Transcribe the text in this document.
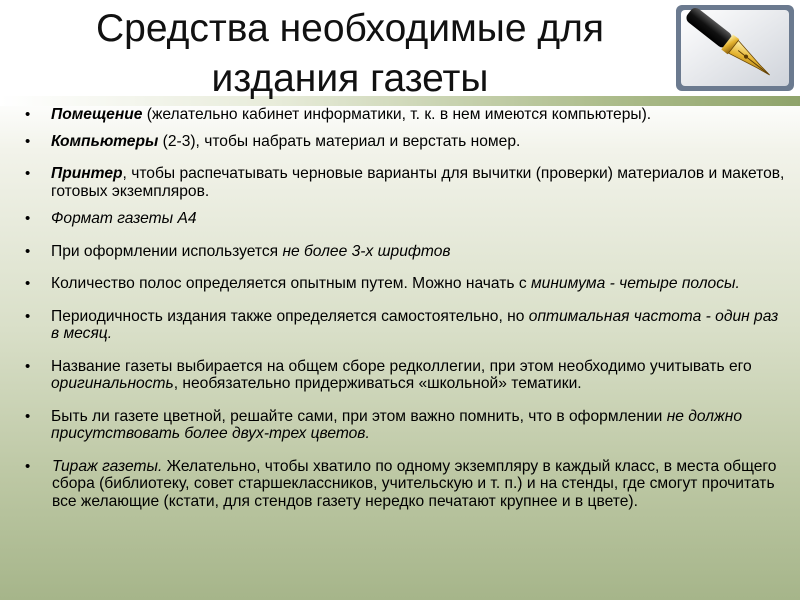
Средства необходимые для
издания газеты
• Помещение (желательно кабинет информатики, т. к. в нем имеются компьютеры).
• Компьютеры (2-3), чтобы набрать материал и верстать номер.
• Принтер, чтобы распечатывать черновые варианты для вычитки (проверки) материалов и макетов, готовых экземпляров.
• Формат газеты А4
• При оформлении используется не более 3-х шрифтов
• Количество полос определяется опытным путем. Можно начать с минимума - четыре полосы.
• Периодичность издания также определяется самостоятельно, но оптимальная частота - один раз в месяц.
• Название газеты выбирается на общем сборе редколлегии, при этом необходимо учитывать его оригинальность, необязательно придерживаться «школьной» тематики.
• Быть ли газете цветной, решайте сами, при этом важно помнить, что в оформлении не должно присутствовать более двух-трех цветов.
• Тираж газеты. Желательно, чтобы хватило по одному экземпляру в каждый класс, в места общего сбора (библиотеку, совет старшеклассников, учительскую и т. п.) и на стенды, где смогут прочитать все желающие (кстати, для стендов газету нередко печатают крупнее и в цвете).
